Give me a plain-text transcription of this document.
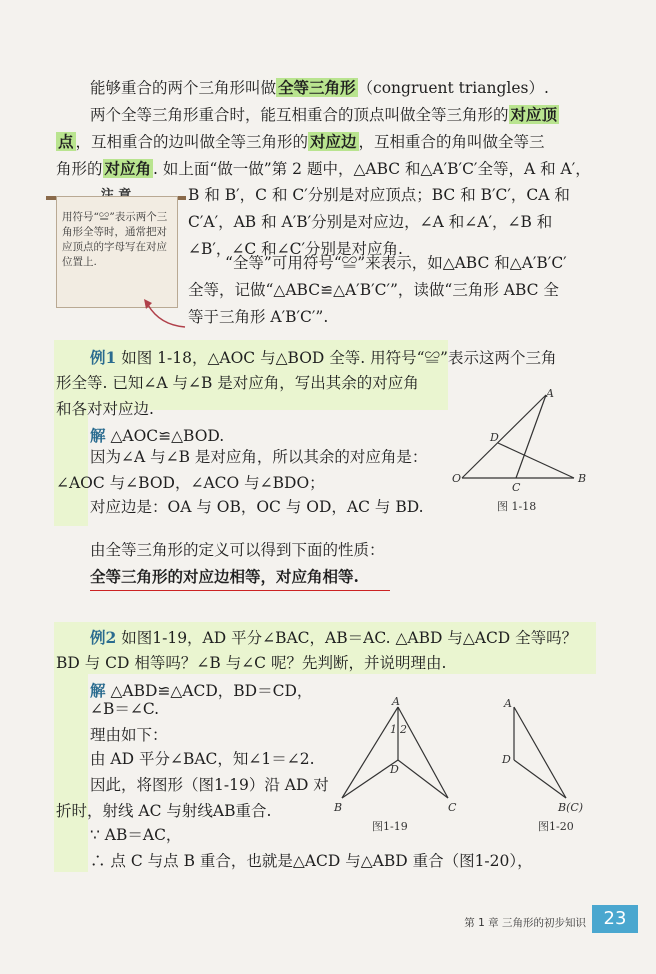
能够重合的两个三角形叫做 全等三角形 （congruent triangles）.

两个全等三角形重合时，能互相重合的顶点叫做全等三角形的 对应顶

点 ，互相重合的边叫做全等三角形的 对应边 ，互相重合的角叫做全等三

角形的 对应角 . 如上面“做一做”第 2 题中，△ABC 和△A′B′C′全等，A 和 A′，

B 和 B′，C 和 C′分别是对应顶点；BC 和 B′C′，CA 和

C′A′，AB 和 A′B′分别是对应边，∠A 和∠A′，∠B 和

∠B′，∠C 和∠C′分别是对应角.

用符号“≌”表示两个三角形全等时，通常把对应顶点的字母写在对应位置上.	“全等”可用符号“≌”来表示，如△ABC 和△A′B′C′

全等，记做“△ABC≌△A′B′C′”，读做“三角形 ABC 全

等于三角形 A′B′C′”.

例1 如图 1-18，△AOC 与△BOD 全等. 用符号“≌”表示这两个三角

形全等. 已知∠A 与∠B 是对应角，写出其余的对应角

和各对对应边.

解 △AOC≌△BOD.

因为∠A 与∠B 是对应角，所以其余的对应角是：

∠AOC 与∠BOD，∠ACO 与∠BDO；

对应边是：OA 与 OB，OC 与 OD，AC 与 BD.

A
D
O
C
B
图 1-18

由全等三角形的定义可以得到下面的性质：

全等三角形的对应边相等，对应角相等.

例2 如图1-19，AD 平分∠BAC，AB＝AC. △ABD 与△ACD 全等吗？

BD 与 CD 相等吗？∠B 与∠C 呢？先判断，并说明理由.

解 △ABD≌△ACD，BD＝CD，

∠B＝∠C.

理由如下：

由 AD 平分∠BAC，知∠1＝∠2.

因此，将图形（图1-19）沿 AD 对

折时，射线 AC 与射线AB重合.

∵ AB＝AC，

∴ 点 C 与点 B 重合，也就是△ACD 与△ABD 重合（图1-20），

A
1 2
D
B	C
图1-19
A
D
B(C)
图1-20
第 1 章 三角形的初步知识 23
